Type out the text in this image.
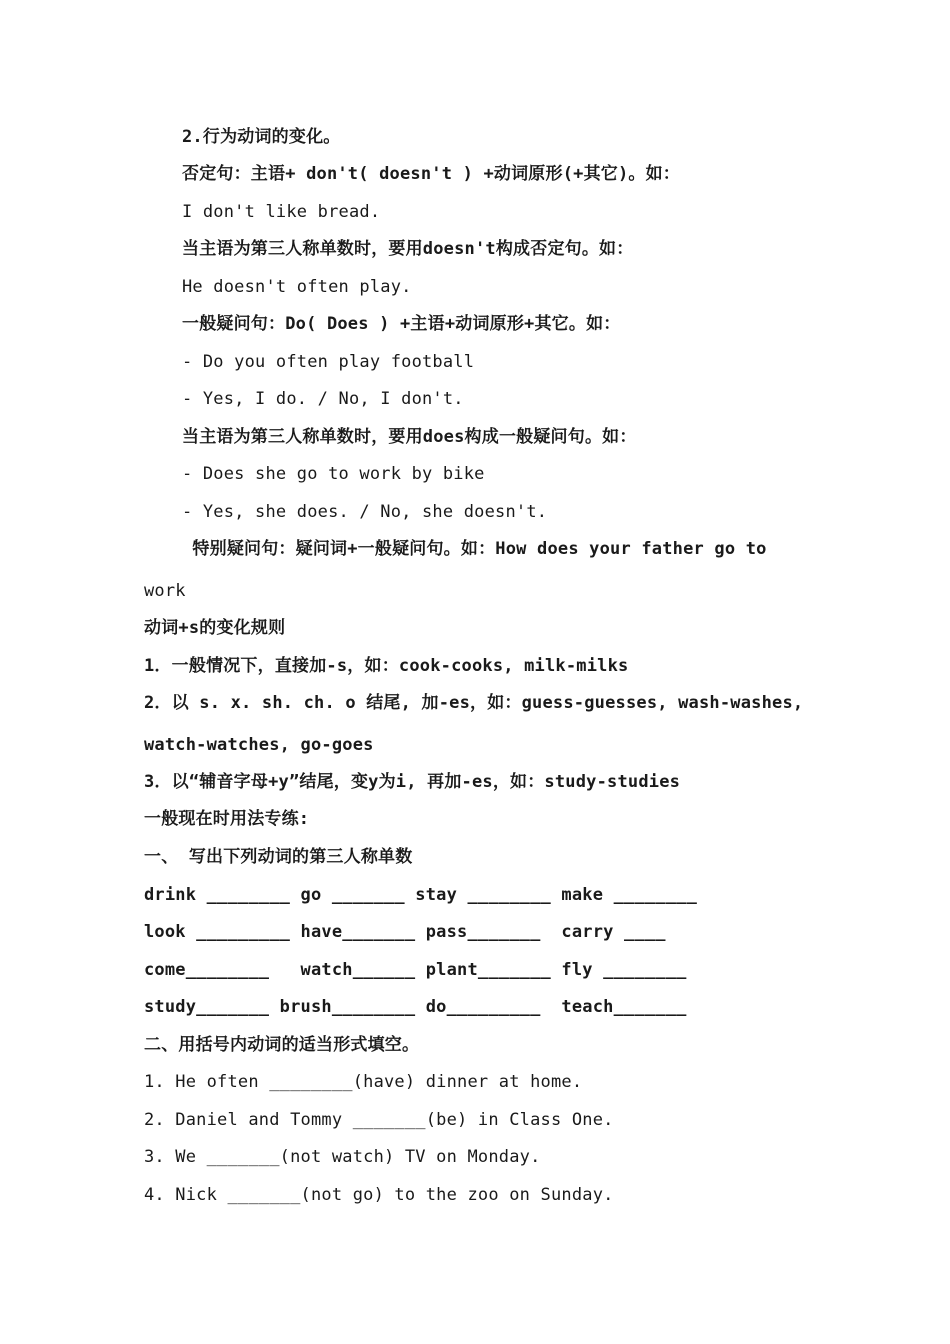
2.行为动词的变化。
否定句：主语+ don't( doesn't ) +动词原形(+其它)。如：
I don't like bread.
当主语为第三人称单数时，要用doesn't构成否定句。如：
He doesn't often play.
一般疑问句：Do( Does ) +主语+动词原形+其它。如：
- Do you often play football
- Yes, I do. / No, I don't.
当主语为第三人称单数时，要用does构成一般疑问句。如：
- Does she go to work by bike
- Yes, she does. / No, she doesn't.
特别疑问句：疑问词+一般疑问句。如：How does your father go to
work
动词+s的变化规则
1．一般情况下，直接加-s，如：cook-cooks, milk-milks
2．以 s. x. sh. ch. o 结尾, 加-es，如：guess-guesses, wash-washes,
watch-watches, go-goes
3．以“辅音字母+y”结尾，变y为i, 再加-es，如：study-studies
一般现在时用法专练:
一、 写出下列动词的第三人称单数
drink ________ go _______ stay ________ make ________
look _________ have_______ pass_______  carry ____
come________   watch______ plant_______ fly ________
study_______ brush________ do_________  teach_______
二、用括号内动词的适当形式填空。
1. He often ________(have) dinner at home.
2. Daniel and Tommy _______(be) in Class One.
3. We _______(not watch) TV on Monday.
4. Nick _______(not go) to the zoo on Sunday.
